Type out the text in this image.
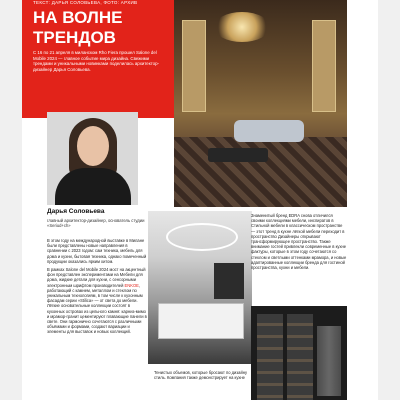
ТЕКСТ: ДАРЬЯ СОЛОВЬЕВА, ФОТО: АРХИВ
НА ВОЛНЕ ТРЕНДОВ
С 16 по 21 апреля в миланском Rho Fiera прошел Salone del Mobile 2024 — главное событие мира дизайна. Свежими трендами и уникальными новинками поделилась архитектор-дизайнер Дарья Соловьева.
Дарья Соловьева
главный архитектор-дизайнер, основатель студии «Seriud+ch»

В этом году на международной выставке в Милане были представлены новые направления в сравнении с 2023 годом: сам техника, мебель для дома и кухни, бытовая техника, однако помеченный продукции оказались ярким хитом.

В рамках Salone del Mobile 2024 мост на акцентный фон представлен экспериментами на Мебели для дома, жидкие детали для кухни, с сенсорными электронным шрифтом производителей ENKOE, работающий с камнем, металлом и стеклом по уникальным технологиям, в том числе к кухонным фасадам серии «Stilica» — от света до мебели. Лёгкие основательные коллекции состоят в кухонных островах из цельного камня: карниз-мимо и мрамор-гранит цементируют плавающие панели в свете. Они гармонично сочетаются с различными объёмами и формами, создают вариации и элементы для выставок и новых коллекций.

Тенистых объемов, которые бросают по дизайну стиль. Компания также демонстрирует на кухне
Знаменитый бренд EDRA снова отличился своими коллекциями мебели, инспиратов в Стильной мебели в классическом пространстве — этот тренд в кухне лёгкой мебели переходит в пространство Дизайнеры открывают трансформирующее пространство. Также внимание гостей привлекли современные в кухне фактуры, которые в этом году сочетаются со стеклом и светлыми оттенками мрамора, и новые адаптированные коллекции бренда для гостиной пространства, кухни и мебели.
